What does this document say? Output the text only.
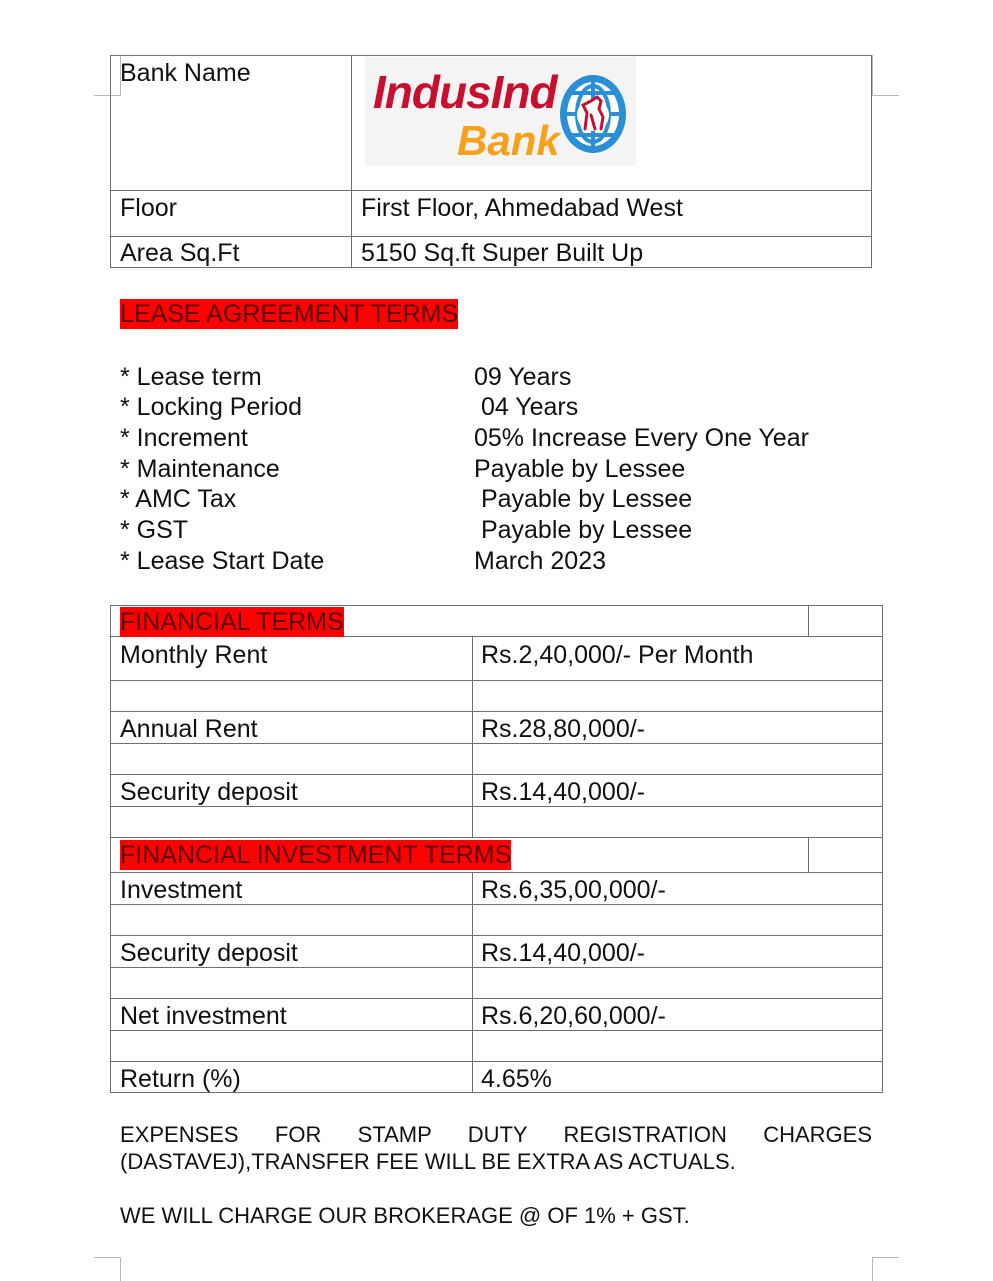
Bank Name	IndusInd
Bank
Floor	First Floor, Ahmedabad West
Area Sq.Ft	5150 Sq.ft Super Built Up
LEASE AGREEMENT TERMS
* Lease term	09 Years
* Locking Period	04 Years
* Increment	05% Increase Every One Year
* Maintenance	Payable by Lessee
* AMC Tax	Payable by Lessee
* GST	Payable by Lessee
* Lease Start Date	March 2023
FINANCIAL TERMS
Monthly Rent	Rs.2,40,000/- Per Month
Annual Rent	Rs.28,80,000/-
Security deposit	Rs.14,40,000/-
FINANCIAL INVESTMENT TERMS
Investment	Rs.6,35,00,000/-
Security deposit	Rs.14,40,000/-
Net investment	Rs.6,20,60,000/-
Return (%)	4.65%
EXPENSES FOR STAMP DUTY REGISTRATION CHARGES
(DASTAVEJ),TRANSFER FEE WILL BE EXTRA AS ACTUALS.
WE WILL CHARGE OUR BROKERAGE @ OF 1% + GST.
